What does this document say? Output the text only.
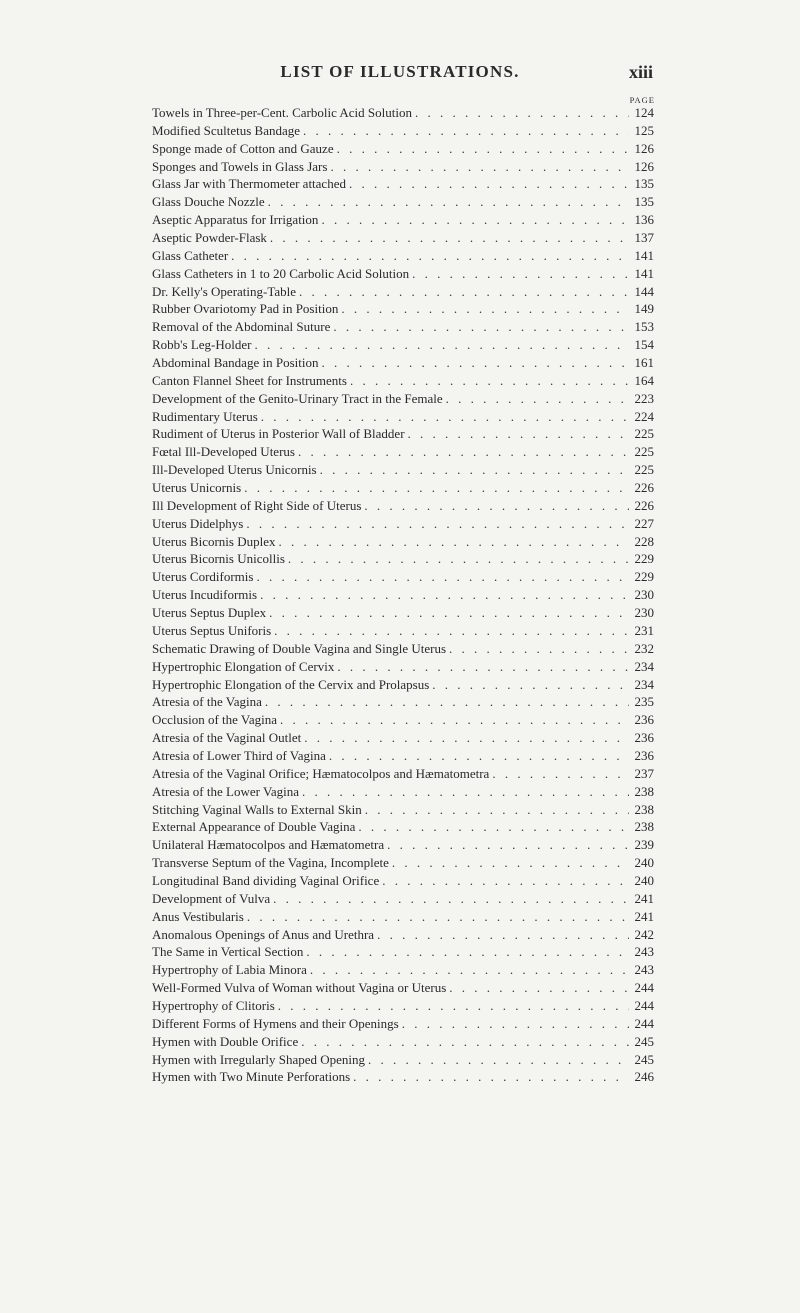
LIST OF ILLUSTRATIONS.	xiii
PAGE
Towels in Three-per-Cent. Carbolic Acid Solution . . .	124
Modified Scultetus Bandage . . .	125
Sponge made of Cotton and Gauze . . .	126
Sponges and Towels in Glass Jars . . .	126
Glass Jar with Thermometer attached . . .	135
Glass Douche Nozzle . . .	135
Aseptic Apparatus for Irrigation . . .	136
Aseptic Powder-Flask . . .	137
Glass Catheter . . .	141
Glass Catheters in 1 to 20 Carbolic Acid Solution . . .	141
Dr. Kelly's Operating-Table . . .	144
Rubber Ovariotomy Pad in Position . . .	149
Removal of the Abdominal Suture . . .	153
Robb's Leg-Holder . . .	154
Abdominal Bandage in Position . . .	161
Canton Flannel Sheet for Instruments . . .	164
Development of the Genito-Urinary Tract in the Female . . .	223
Rudimentary Uterus . . .	224
Rudiment of Uterus in Posterior Wall of Bladder . . .	225
Fœtal Ill-Developed Uterus . . .	225
Ill-Developed Uterus Unicornis . . .	225
Uterus Unicornis . . .	226
Ill Development of Right Side of Uterus . . .	226
Uterus Didelphys . . .	227
Uterus Bicornis Duplex . . .	228
Uterus Bicornis Unicollis . . .	229
Uterus Cordiformis . . .	229
Uterus Incudiformis . . .	230
Uterus Septus Duplex . . .	230
Uterus Septus Uniforis . . .	231
Schematic Drawing of Double Vagina and Single Uterus . . .	232
Hypertrophic Elongation of Cervix . . .	234
Hypertrophic Elongation of the Cervix and Prolapsus . . .	234
Atresia of the Vagina . . .	235
Occlusion of the Vagina . . .	236
Atresia of the Vaginal Outlet . . .	236
Atresia of Lower Third of Vagina . . .	236
Atresia of the Vaginal Orifice; Hæmatocolpos and Hæmatometra . . .	237
Atresia of the Lower Vagina . . .	238
Stitching Vaginal Walls to External Skin . . .	238
External Appearance of Double Vagina . . .	238
Unilateral Hæmatocolpos and Hæmatometra . . .	239
Transverse Septum of the Vagina, Incomplete . . .	240
Longitudinal Band dividing Vaginal Orifice . . .	240
Development of Vulva . . .	241
Anus Vestibularis . . .	241
Anomalous Openings of Anus and Urethra . . .	242
The Same in Vertical Section . . .	243
Hypertrophy of Labia Minora . . .	243
Well-Formed Vulva of Woman without Vagina or Uterus . . .	244
Hypertrophy of Clitoris . . .	244
Different Forms of Hymens and their Openings . . .	244
Hymen with Double Orifice . . .	245
Hymen with Irregularly Shaped Opening . . .	245
Hymen with Two Minute Perforations . . .	246
